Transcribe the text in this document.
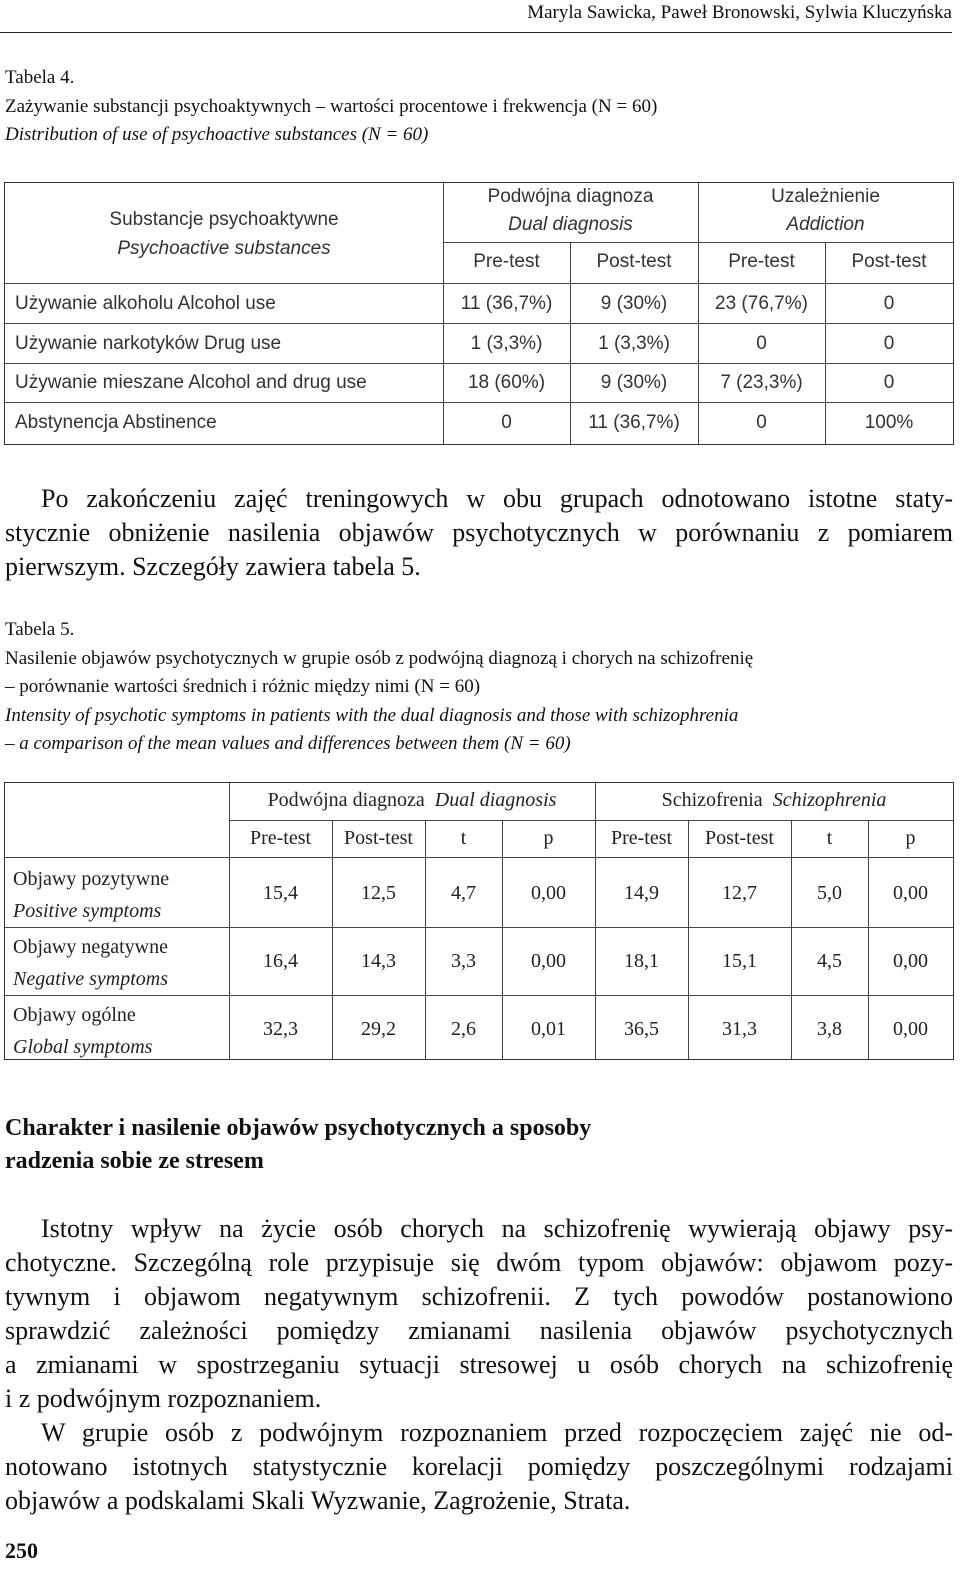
Maryla Sawicka, Paweł Bronowski, Sylwia Kluczyńska
Tabela 4.
Zażywanie substancji psychoaktywnych – wartości procentowe i frekwencja (N = 60)
Distribution of use of psychoactive substances (N = 60)
Substancje psychoaktywne
Psychoactive substances
Podwójna diagnoza
Dual diagnosis
Uzależnienie
Addiction
Pre-test	Post-test	Pre-test	Post-test
Używanie alkoholu Alcohol use	11 (36,7%)	9 (30%)	23 (76,7%)	0
Używanie narkotyków Drug use	1 (3,3%)	1 (3,3%)	0	0
Używanie mieszane Alcohol and drug use	18 (60%)	9 (30%)	7 (23,3%)	0
Abstynencja Abstinence	0	11 (36,7%)	0	100%
Po zakończeniu zajęć treningowych w obu grupach odnotowano istotne staty-
stycznie obniżenie nasilenia objawów psychotycznych w porównaniu z pomiarem
pierwszym. Szczegóły zawiera tabela 5.
Tabela 5.
Nasilenie objawów psychotycznych w grupie osób z podwójną diagnozą i chorych na schizofrenię
– porównanie wartości średnich i różnic między nimi (N = 60)
Intensity of psychotic symptoms in patients with the dual diagnosis and those with schizophrenia
– a comparison of the mean values and differences between them (N = 60)
Podwójna diagnoza Dual diagnosis	Schizofrenia Schizophrenia
Pre-test	Post-test	t	p	Pre-test	Post-test	t	p
Objawy pozytywne
Positive symptoms
15,4	12,5	4,7	0,00	14,9	12,7	5,0	0,00
Objawy negatywne
Negative symptoms
16,4	14,3	3,3	0,00	18,1	15,1	4,5	0,00
Objawy ogólne
Global symptoms
32,3	29,2	2,6	0,01	36,5	31,3	3,8	0,00
Charakter i nasilenie objawów psychotycznych a sposoby
radzenia sobie ze stresem
Istotny wpływ na życie osób chorych na schizofrenię wywierają objawy psy-
chotyczne. Szczególną role przypisuje się dwóm typom objawów: objawom pozy-
tywnym i objawom negatywnym schizofrenii. Z tych powodów postanowiono
sprawdzić zależności pomiędzy zmianami nasilenia objawów psychotycznych
a zmianami w spostrzeganiu sytuacji stresowej u osób chorych na schizofrenię
i z podwójnym rozpoznaniem.
W grupie osób z podwójnym rozpoznaniem przed rozpoczęciem zajęć nie od-
notowano istotnych statystycznie korelacji pomiędzy poszczególnymi rodzajami
objawów a podskalami Skali Wyzwanie, Zagrożenie, Strata.
250
